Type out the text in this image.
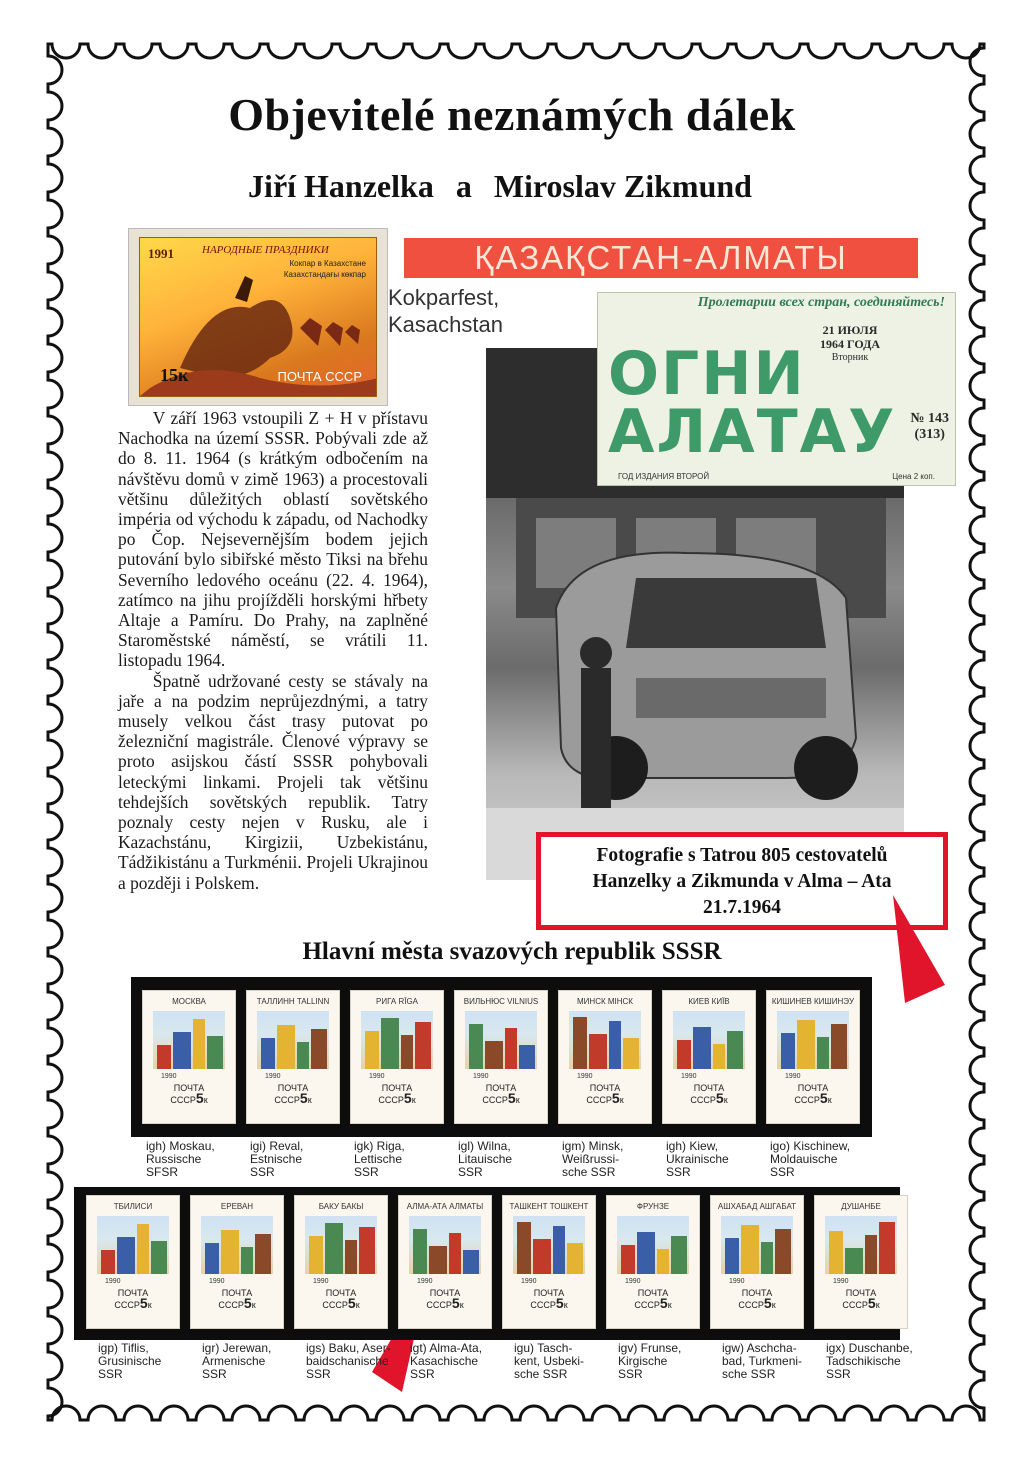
Objevitelé neznámých dálek
Jiří Hanzelka a Miroslav Zikmund
1991	НАРОДНЫЕ ПРАЗДНИКИ
Кокпар в Казахстане Казахстандағы көкпар
15к	ПОЧТА СССР
ҚАЗАҚСТАН-АЛМАТЫ
Kokparfest,
Kasachstan
Пролетарии всех стран, соединяйтесь!
21 ИЮЛЯ
1964 ГОДА
Вторник
ОГНИ
АЛАТАУ	№ 143
(313)
ГОД ИЗДАНИЯ ВТОРОЙ	Цена 2 коп.

V září 1963 vstoupili Z + H v přístavu Nachodka na území SSSR. Pobývali zde až do 8. 11. 1964 (s krátkým odbočením na návštěvu domů v zimě 1963) a procestovali většinu důležitých oblastí sovětského impéria od východu k západu, od Nachodky po Čop. Nejsevernějším bodem jejich putování bylo sibiřské město Tiksi na břehu Severního ledového oceánu (22. 4. 1964), zatímco na jihu projížděli horskými hřbety Altaje a Pamíru. Do Prahy, na zaplněné Staroměstské náměstí, se vrátili 11. listopadu 1964.

Špatně udržované cesty se stávaly na jaře a na podzim neprůjezdnými, a tatry musely velkou část trasy putovat po železniční magistrále. Členové výpravy se proto asijskou částí SSSR pohybovali leteckými linkami. Projeli tak většinu tehdejších sovětských republik. Tatry poznaly cesty nejen v Rusku, ale i Kazachstánu, Kirgizii, Uzbekistánu, Tádžikistánu a Turkménii. Projeli Ukrajinou a později i Polskem.

Fotografie s Tatrou 805 cestovatelů
Hanzelky a Zikmunda v Alma – Ata
21.7.1964
Hlavní města svazových republik SSSR
МОСКВА
1990
ПОЧТА
СССР5к
igh) Moskau,
Russische
SFSR
ТАЛЛИНН TALLINN
1990
ПОЧТА
СССР5к
igi) Reval,
Estnische
SSR
РИГА RĪGA
1990
ПОЧТА
СССР5к
igk) Riga,
Lettische
SSR
ВИЛЬНЮС VILNIUS
1990
ПОЧТА
СССР5к
igl) Wilna,
Litauische
SSR
МИНСК МІНСК
1990
ПОЧТА
СССР5к
igm) Minsk,
Weißrussi-
sche SSR
КИЕВ КИЇВ
1990
ПОЧТА
СССР5к
igh) Kiew,
Ukrainische
SSR
КИШИНЕВ КИШИНЭУ
1990
ПОЧТА
СССР5к
igo) Kischinew,
Moldauische
SSR
ТБИЛИСИ
1990
ПОЧТА
СССР5к
igp) Tiflis,
Grusinische
SSR
ЕРЕВАН
1990
ПОЧТА
СССР5к
igr) Jerewan,
Armenische
SSR
БАКУ БАКЫ
1990
ПОЧТА
СССР5к
igs) Baku, Aser-
baidschanische
SSR
АЛМА-АТА АЛМАТЫ
1990
ПОЧТА
СССР5к
igt) Alma-Ata,
Kasachische
SSR
ТАШКЕНТ ТОШКЕНТ
1990
ПОЧТА
СССР5к
igu) Tasch-
kent, Usbeki-
sche SSR
ФРУНЗЕ
1990
ПОЧТА
СССР5к
igv) Frunse,
Kirgische
SSR
АШХАБАД АШГАБАТ
1990
ПОЧТА
СССР5к
igw) Aschcha-
bad, Turkmeni-
sche SSR
ДУШАНБЕ
1990
ПОЧТА
СССР5к
igx) Duschanbe,
Tadschikische
SSR
